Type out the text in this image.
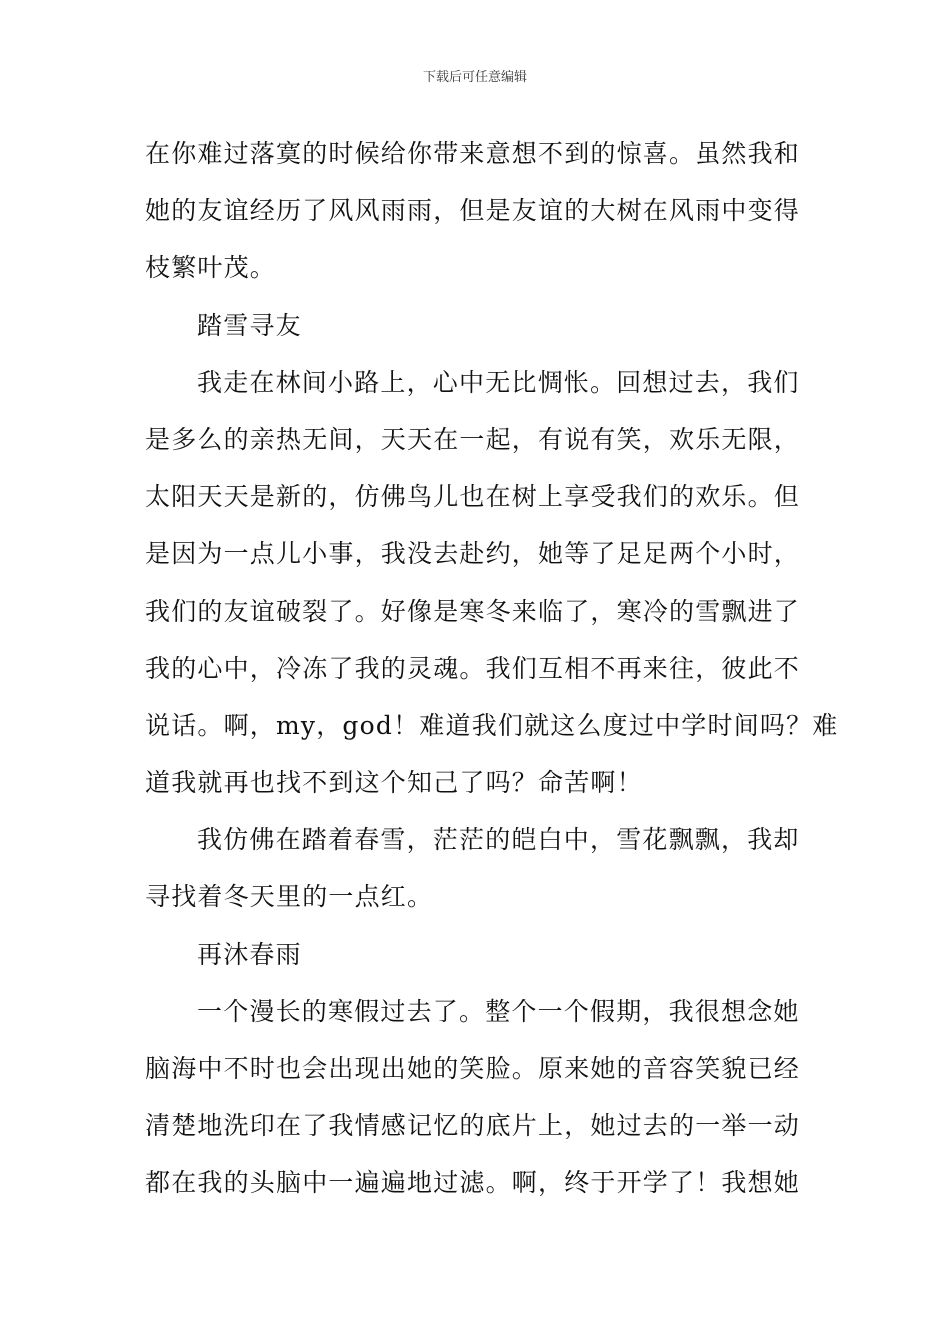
下载后可任意编辑
在你难过落寞的时候给你带来意想不到的惊喜。虽然我和
她的友谊经历了风风雨雨，但是友谊的大树在风雨中变得
枝繁叶茂。
踏雪寻友
我走在林间小路上，心中无比惆怅。回想过去，我们
是多么的亲热无间，天天在一起，有说有笑，欢乐无限，
太阳天天是新的，仿佛鸟儿也在树上享受我们的欢乐。但
是因为一点儿小事，我没去赴约，她等了足足两个小时，
我们的友谊破裂了。好像是寒冬来临了，寒冷的雪飘进了
我的心中，冷冻了我的灵魂。我们互相不再来往，彼此不
说话。啊，my，god！难道我们就这么度过中学时间吗？难
道我就再也找不到这个知己了吗？命苦啊！
我仿佛在踏着春雪，茫茫的皑白中，雪花飘飘，我却
寻找着冬天里的一点红。
再沐春雨
一个漫长的寒假过去了。整个一个假期，我很想念她
脑海中不时也会出现出她的笑脸。原来她的音容笑貌已经
清楚地洗印在了我情感记忆的底片上，她过去的一举一动
都在我的头脑中一遍遍地过滤。啊，终于开学了！我想她
